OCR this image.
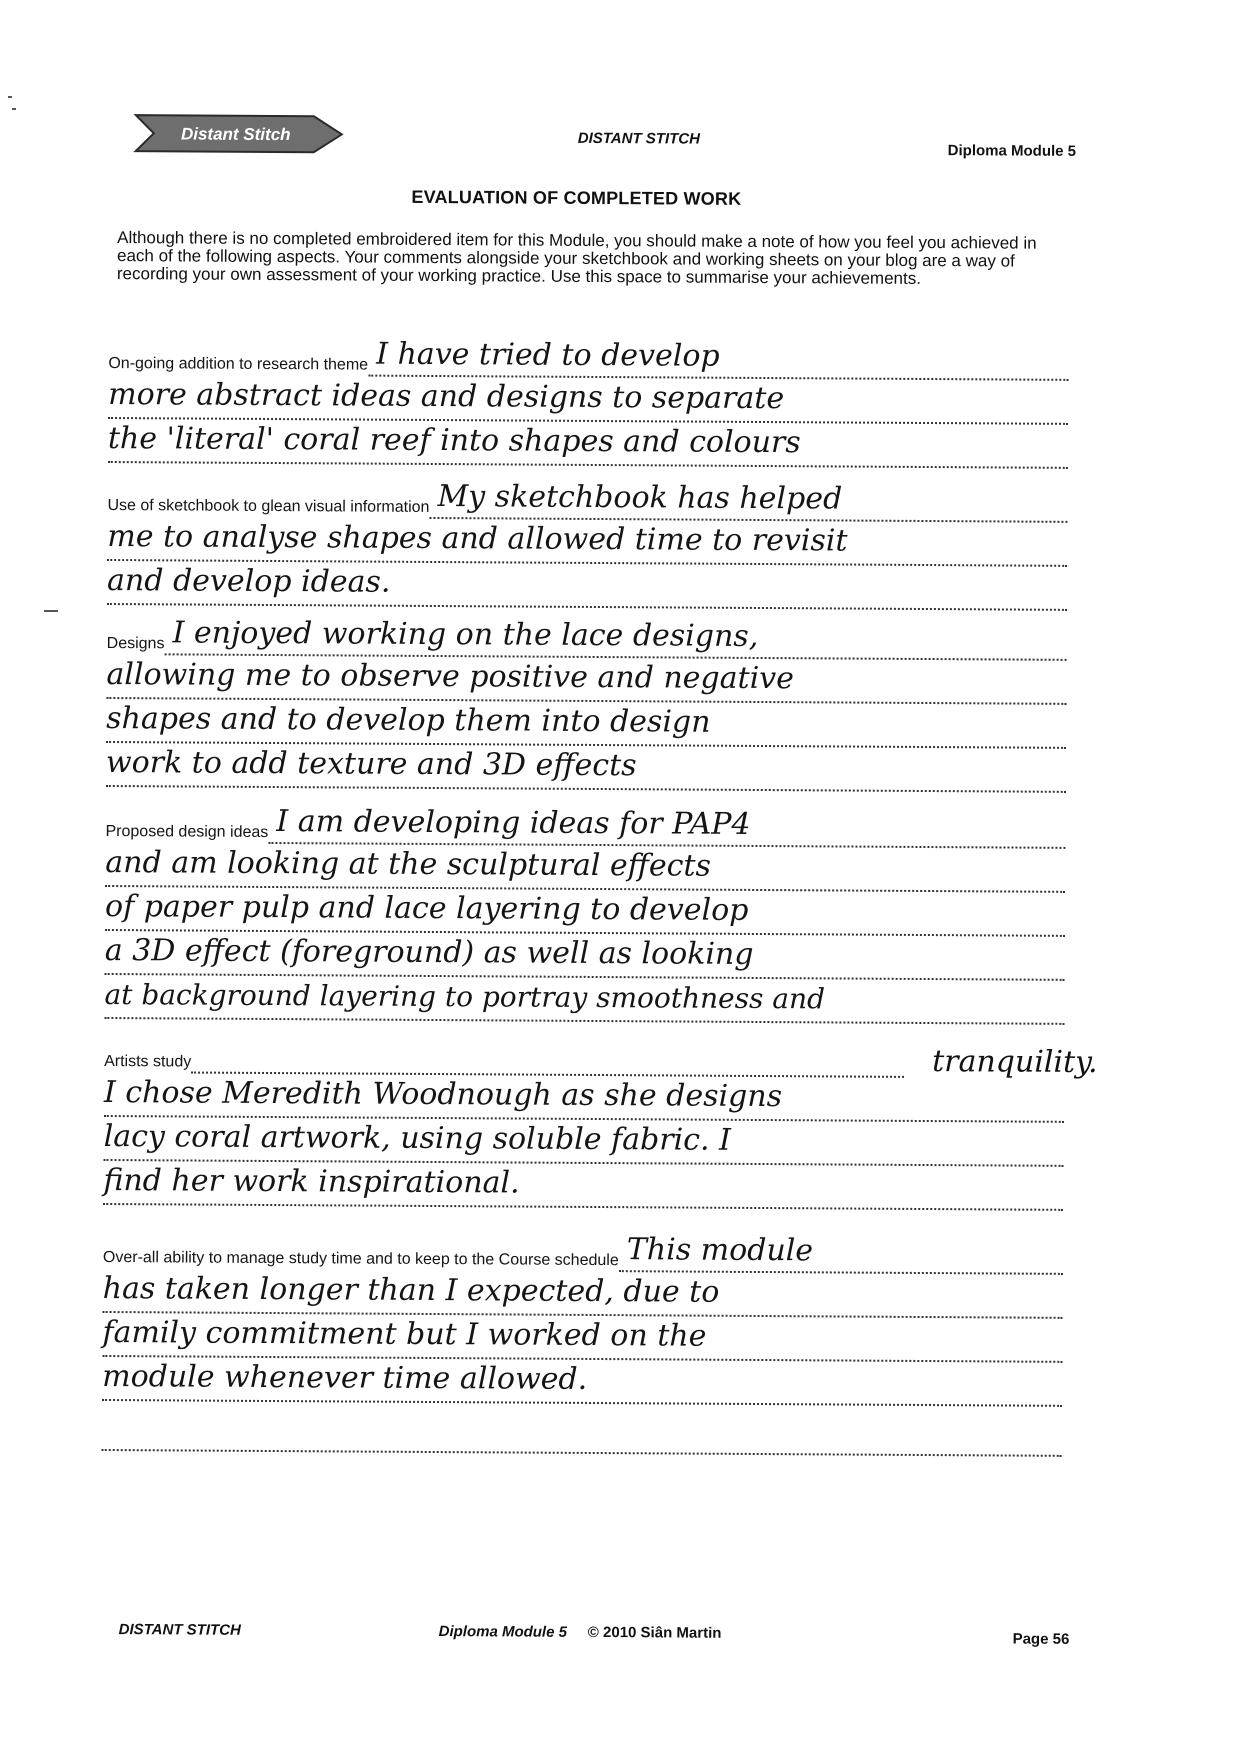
Distant Stitch	DISTANT STITCH
Diploma Module 5
EVALUATION OF COMPLETED WORK
Although there is no completed embroidered item for this Module, you should make a note of how you feel you achieved in each of the following aspects. Your comments alongside your sketchbook and working sheets on your blog are a way of recording your own assessment of your working practice. Use this space to summarise your achievements.
On-going addition to research theme I have tried to develop
more abstract ideas and designs to separate
the 'literal' coral reef into shapes and colours
Use of sketchbook to glean visual information My sketchbook has helped
me to analyse shapes and allowed time to revisit
and develop ideas.
Designs I enjoyed working on the lace designs,
allowing me to observe positive and negative
shapes and to develop them into design
work to add texture and 3D effects
Proposed design ideas I am developing ideas for PAP4
and am looking at the sculptural effects
of paper pulp and lace layering to develop
a 3D effect (foreground) as well as looking
at background layering to portray smoothness and
tranquility.
Artists study
I chose Meredith Woodnough as she designs
lacy coral artwork, using soluble fabric. I
find her work inspirational.
Over-all ability to manage study time and to keep to the Course schedule This module
has taken longer than I expected, due to
family commitment but I worked on the
module whenever time allowed.
DISTANT STITCH	Diploma Module 5 © 2010 Siân Martin	Page 56
